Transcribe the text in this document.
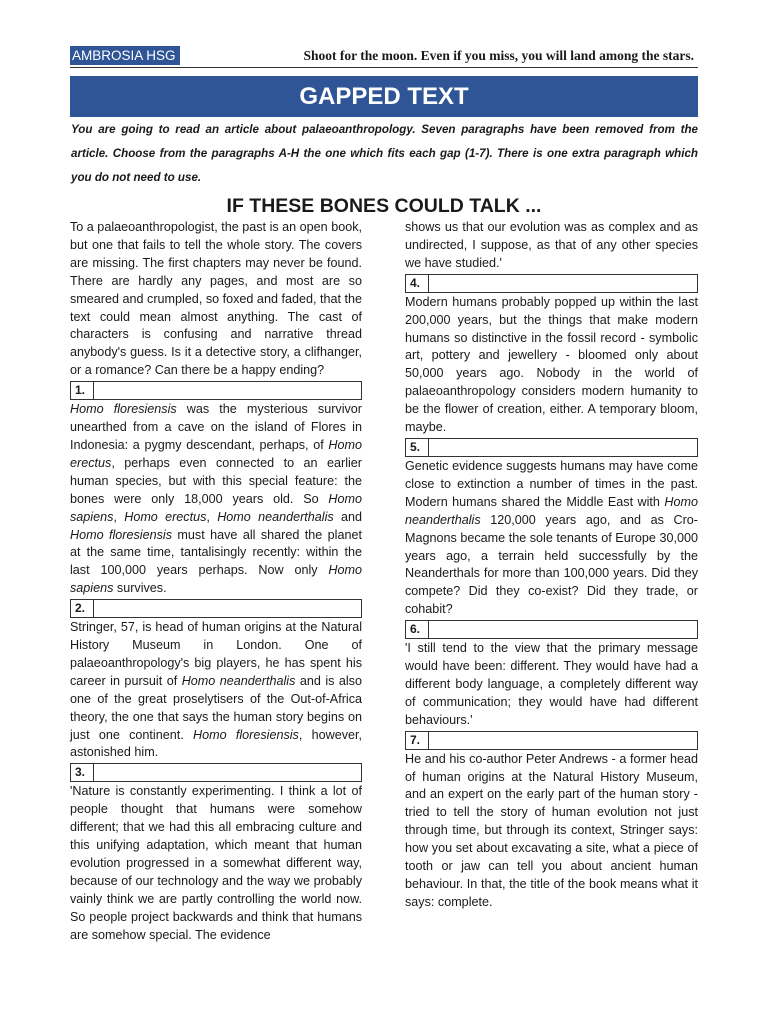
AMBROSIA HSG	Shoot for the moon. Even if you miss, you will land among the stars.
GAPPED TEXT
You are going to read an article about palaeoanthropology. Seven paragraphs have been removed from the article. Choose from the paragraphs A-H the one which fits each gap (1-7). There is one extra paragraph which you do not need to use.
IF THESE BONES COULD TALK ...

To a palaeoanthropologist, the past is an open book, but one that fails to tell the whole story. The covers are missing. The first chapters may never be found. There are hardly any pages, and most are so smeared and crumpled, so foxed and faded, that the text could mean almost anything. The cast of characters is confusing and narrative thread anybody's guess. Is it a detective story, a clifhanger, or a romance? Can there be a happy ending?

1.

Homo floresiensis was the mysterious survivor unearthed from a cave on the island of Flores in Indonesia: a pygmy descendant, perhaps, of Homo erectus, perhaps even connected to an earlier human species, but with this special feature: the bones were only 18,000 years old. So Homo sapiens, Homo erectus, Homo neanderthalis and Homo floresiensis must have all shared the planet at the same time, tantalisingly recently: within the last 100,000 years perhaps. Now only Homo sapiens survives.

2.

Stringer, 57, is head of human origins at the Natural History Museum in London. One of palaeoanthropology's big players, he has spent his career in pursuit of Homo neanderthalis and is also one of the great proselytisers of the Out-of-Africa theory, the one that says the human story begins on just one continent. Homo floresiensis, however, astonished him.

3.

'Nature is constantly experimenting. I think a lot of people thought that humans were somehow different; that we had this all embracing culture and this unifying adaptation, which meant that human evolution progressed in a somewhat different way, because of our technology and the way we probably vainly think we are partly controlling the world now. So people project backwards and think that humans are somehow special. The evidence

shows us that our evolution was as complex and as undirected, I suppose, as that of any other species we have studied.'

4.

Modern humans probably popped up within the last 200,000 years, but the things that make modern humans so distinctive in the fossil record - symbolic art, pottery and jewellery - bloomed only about 50,000 years ago. Nobody in the world of palaeoanthropology considers modern humanity to be the flower of creation, either. A temporary bloom, maybe.

5.

Genetic evidence suggests humans may have come close to extinction a number of times in the past. Modern humans shared the Middle East with Homo neanderthalis 120,000 years ago, and as Cro-Magnons became the sole tenants of Europe 30,000 years ago, a terrain held successfully by the Neanderthals for more than 100,000 years. Did they compete? Did they co-exist? Did they trade, or cohabit?

6.

'I still tend to the view that the primary message would have been: different. They would have had a different body language, a completely different way of communication; they would have had different behaviours.'

7.

He and his co-author Peter Andrews - a former head of human origins at the Natural History Museum, and an expert on the early part of the human story - tried to tell the story of human evolution not just through time, but through its context, Stringer says: how you set about excavating a site, what a piece of tooth or jaw can tell you about ancient human behaviour. In that, the title of the book means what it says: complete.
